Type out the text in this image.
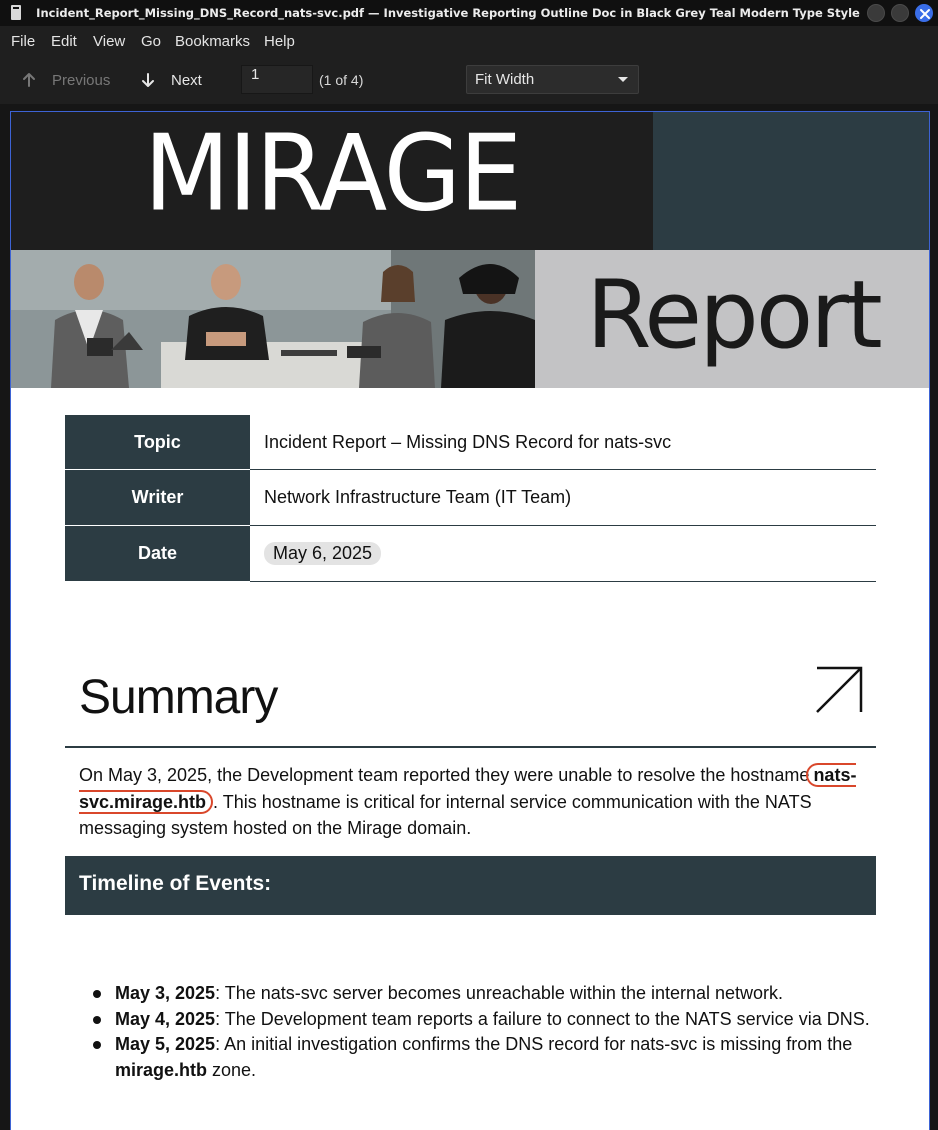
Incident_Report_Missing_DNS_Record_nats-svc.pdf — Investigative Reporting Outline Doc in Black Grey Teal Modern Type Style
File Edit View Go Bookmarks Help
Previous	Next	1	(1 of 4)	Fit Width
MIRAGE
Report
Topic	Incident Report – Missing DNS Record for nats-svc
Writer	Network Infrastructure Team (IT Team)
Date	May 6, 2025
Summary

On May 3, 2025, the Development team reported they were unable to resolve the hostname nats-svc.mirage.htb . This hostname is critical for internal service communication with the NATS messaging system hosted on the Mirage domain.

Timeline of Events:
May 3, 2025: The nats-svc server becomes unreachable within the internal network.
May 4, 2025: The Development team reports a failure to connect to the NATS service via DNS.
May 5, 2025: An initial investigation confirms the DNS record for nats-svc is missing from the mirage.htb zone.
